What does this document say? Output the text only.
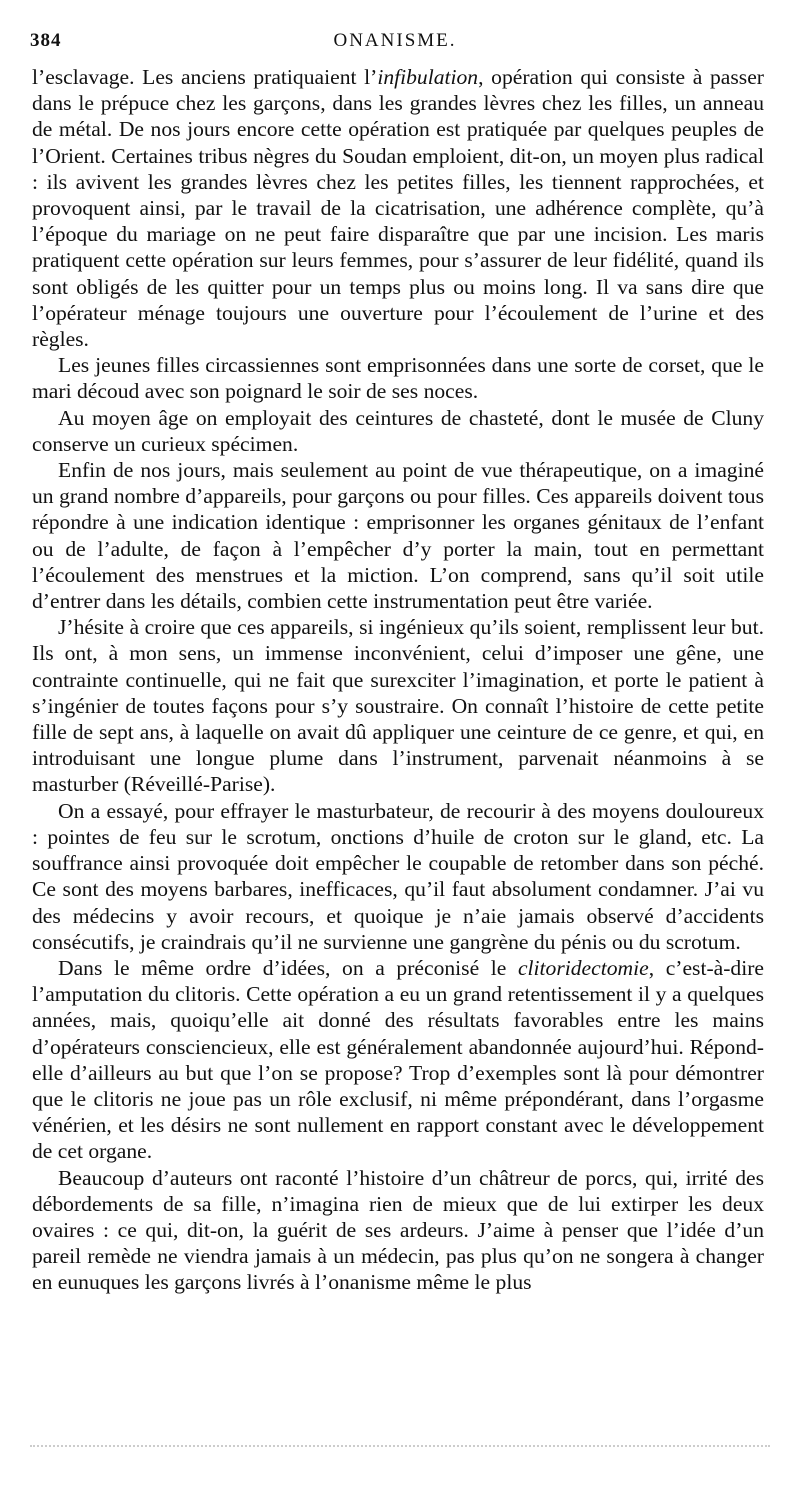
384	ONANISME.

l’esclavage. Les anciens pratiquaient l’infibulation, opération qui consiste à passer dans le prépuce chez les garçons, dans les grandes lèvres chez les filles, un anneau de métal. De nos jours encore cette opération est pratiquée par quelques peuples de l’Orient. Certaines tribus nègres du Soudan emploient, dit-on, un moyen plus radical : ils avivent les grandes lèvres chez les petites filles, les tiennent rapprochées, et provoquent ainsi, par le travail de la cicatrisation, une adhérence complète, qu’à l’époque du mariage on ne peut faire disparaître que par une incision. Les maris pratiquent cette opération sur leurs femmes, pour s’assurer de leur fidélité, quand ils sont obligés de les quitter pour un temps plus ou moins long. Il va sans dire que l’opérateur ménage toujours une ouverture pour l’écoulement de l’urine et des règles.

Les jeunes filles circassiennes sont emprisonnées dans une sorte de corset, que le mari découd avec son poignard le soir de ses noces.

Au moyen âge on employait des ceintures de chasteté, dont le musée de Cluny conserve un curieux spécimen.

Enfin de nos jours, mais seulement au point de vue thérapeutique, on a imaginé un grand nombre d’appareils, pour garçons ou pour filles. Ces appareils doivent tous répondre à une indication identique : emprisonner les organes génitaux de l’enfant ou de l’adulte, de façon à l’empêcher d’y porter la main, tout en permettant l’écoulement des menstrues et la miction. L’on comprend, sans qu’il soit utile d’entrer dans les détails, combien cette instrumentation peut être variée.

J’hésite à croire que ces appareils, si ingénieux qu’ils soient, remplissent leur but. Ils ont, à mon sens, un immense inconvénient, celui d’imposer une gêne, une contrainte continuelle, qui ne fait que surexciter l’imagination, et porte le patient à s’ingénier de toutes façons pour s’y soustraire. On connaît l’histoire de cette petite fille de sept ans, à laquelle on avait dû appliquer une ceinture de ce genre, et qui, en introduisant une longue plume dans l’instrument, parvenait néanmoins à se masturber (Réveillé-Parise).

On a essayé, pour effrayer le masturbateur, de recourir à des moyens douloureux : pointes de feu sur le scrotum, onctions d’huile de croton sur le gland, etc. La souffrance ainsi provoquée doit empêcher le coupable de retomber dans son péché. Ce sont des moyens barbares, inefficaces, qu’il faut absolument condamner. J’ai vu des médecins y avoir recours, et quoique je n’aie jamais observé d’accidents consécutifs, je craindrais qu’il ne survienne une gangrène du pénis ou du scrotum.

Dans le même ordre d’idées, on a préconisé le clitoridectomie, c’est-à-dire l’amputation du clitoris. Cette opération a eu un grand retentissement il y a quelques années, mais, quoiqu’elle ait donné des résultats favorables entre les mains d’opérateurs consciencieux, elle est généralement abandonnée aujourd’hui. Répond-elle d’ailleurs au but que l’on se propose? Trop d’exemples sont là pour démontrer que le clitoris ne joue pas un rôle exclusif, ni même prépondérant, dans l’orgasme vénérien, et les désirs ne sont nullement en rapport constant avec le développement de cet organe.

Beaucoup d’auteurs ont raconté l’histoire d’un châtreur de porcs, qui, irrité des débordements de sa fille, n’imagina rien de mieux que de lui extirper les deux ovaires : ce qui, dit-on, la guérit de ses ardeurs. J’aime à penser que l’idée d’un pareil remède ne viendra jamais à un médecin, pas plus qu’on ne songera à changer en eunuques les garçons livrés à l’onanisme même le plus
